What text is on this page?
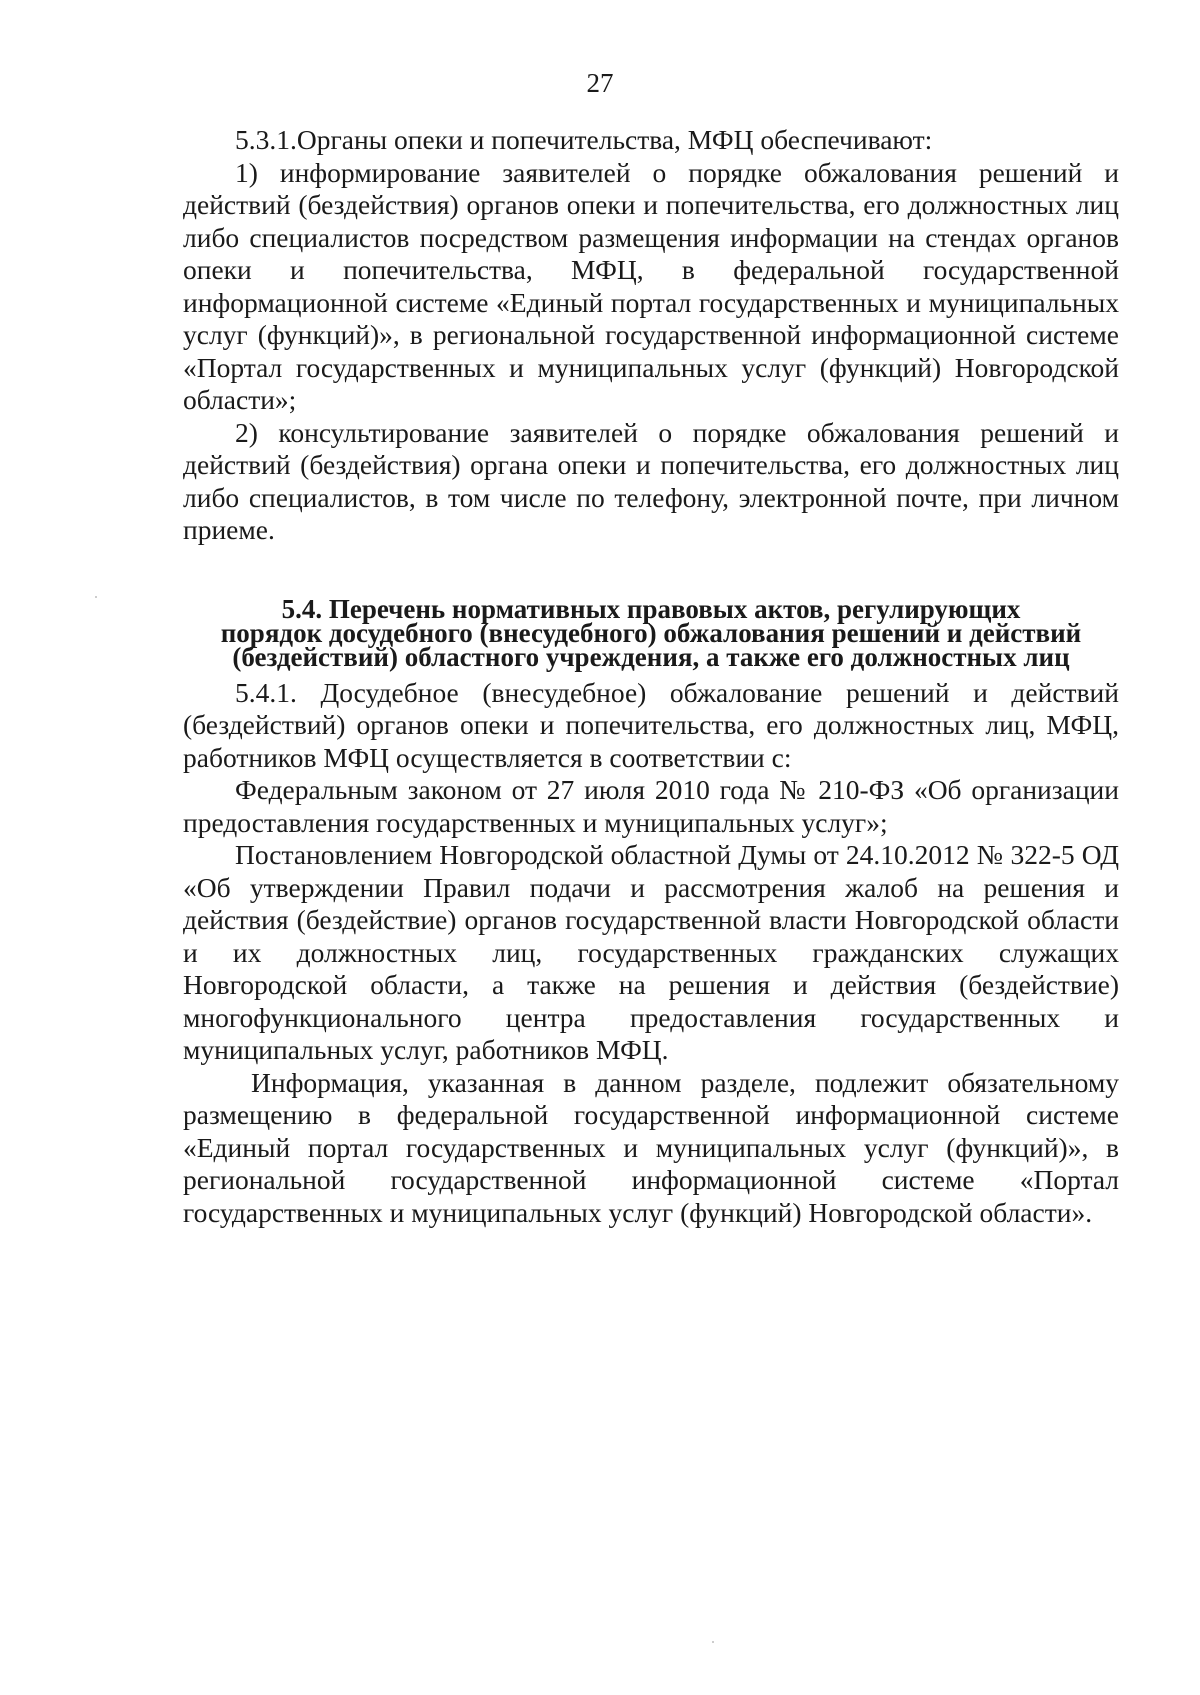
27

5.3.1.Органы опеки и попечительства, МФЦ обеспечивают:

1) информирование заявителей о порядке обжалования решений и действий (бездействия) органов опеки и попечительства, его должностных лиц либо специалистов посредством размещения информации на стендах органов опеки и попечительства, МФЦ, в федеральной государственной информационной системе «Единый портал государственных и муниципальных услуг (функций)», в региональной государственной информационной системе «Портал государственных и муниципальных услуг (функций) Новгородской области»;

2) консультирование заявителей о порядке обжалования решений и действий (бездействия) органа опеки и попечительства, его должностных лиц либо специалистов, в том числе по телефону, электронной почте, при личном приеме.

5.4. Перечень нормативных правовых актов, регулирующих
порядок досудебного (внесудебного) обжалования решений и действий
(бездействий) областного учреждения, а также его должностных лиц

5.4.1. Досудебное (внесудебное) обжалование решений и действий (бездействий) органов опеки и попечительства, его должностных лиц, МФЦ, работников МФЦ осуществляется в соответствии с:

Федеральным законом от 27 июля 2010 года № 210-ФЗ «Об организации предоставления государственных и муниципальных услуг»;

Постановлением Новгородской областной Думы от 24.10.2012 № 322-5 ОД «Об утверждении Правил подачи и рассмотрения жалоб на решения и действия (бездействие) органов государственной власти Новгородской области и их должностных лиц, государственных гражданских служащих Новгородской области, а также на решения и действия (бездействие) многофункционального центра предоставления государственных и муниципальных услуг, работников МФЦ.

Информация, указанная в данном разделе, подлежит обязательному размещению в федеральной государственной информационной системе «Единый портал государственных и муниципальных услуг (функций)», в региональной государственной информационной системе «Портал государственных и муниципальных услуг (функций) Новгородской области».
